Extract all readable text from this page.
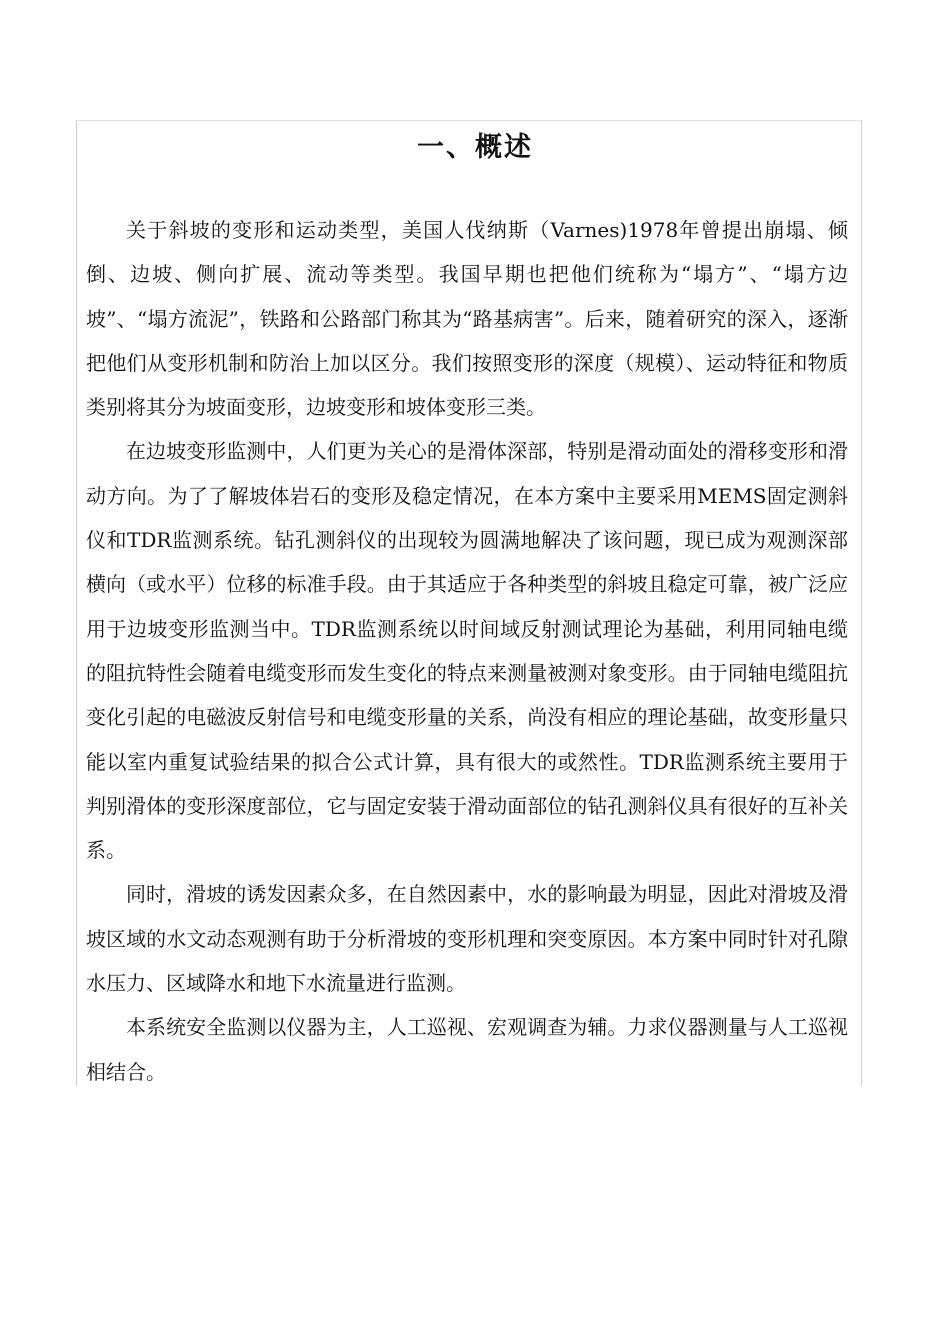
一、概述

关于斜坡的变形和运动类型，美国人伐纳斯（Varnes)1978年曾提出崩塌、倾倒、边坡、侧向扩展、流动等类型。我国早期也把他们统称为“塌方”、“塌方边坡”、“塌方流泥”，铁路和公路部门称其为“路基病害”。后来，随着研究的深入，逐渐把他们从变形机制和防治上加以区分。我们按照变形的深度（规模）、运动特征和物质类别将其分为坡面变形，边坡变形和坡体变形三类。

在边坡变形监测中，人们更为关心的是滑体深部，特别是滑动面处的滑移变形和滑动方向。为了了解坡体岩石的变形及稳定情况，在本方案中主要采用MEMS固定测斜仪和TDR监测系统。钻孔测斜仪的出现较为圆满地解决了该问题，现已成为观测深部横向（或水平）位移的标准手段。由于其适应于各种类型的斜坡且稳定可靠，被广泛应用于边坡变形监测当中。TDR监测系统以时间域反射测试理论为基础，利用同轴电缆的阻抗特性会随着电缆变形而发生变化的特点来测量被测对象变形。由于同轴电缆阻抗变化引起的电磁波反射信号和电缆变形量的关系，尚没有相应的理论基础，故变形量只能以室内重复试验结果的拟合公式计算，具有很大的或然性。TDR监测系统主要用于判别滑体的变形深度部位，它与固定安装于滑动面部位的钻孔测斜仪具有很好的互补关系。

同时，滑坡的诱发因素众多，在自然因素中，水的影响最为明显，因此对滑坡及滑坡区域的水文动态观测有助于分析滑坡的变形机理和突变原因。本方案中同时针对孔隙水压力、区域降水和地下水流量进行监测。

本系统安全监测以仪器为主，人工巡视、宏观调查为辅。力求仪器测量与人工巡视相结合。
